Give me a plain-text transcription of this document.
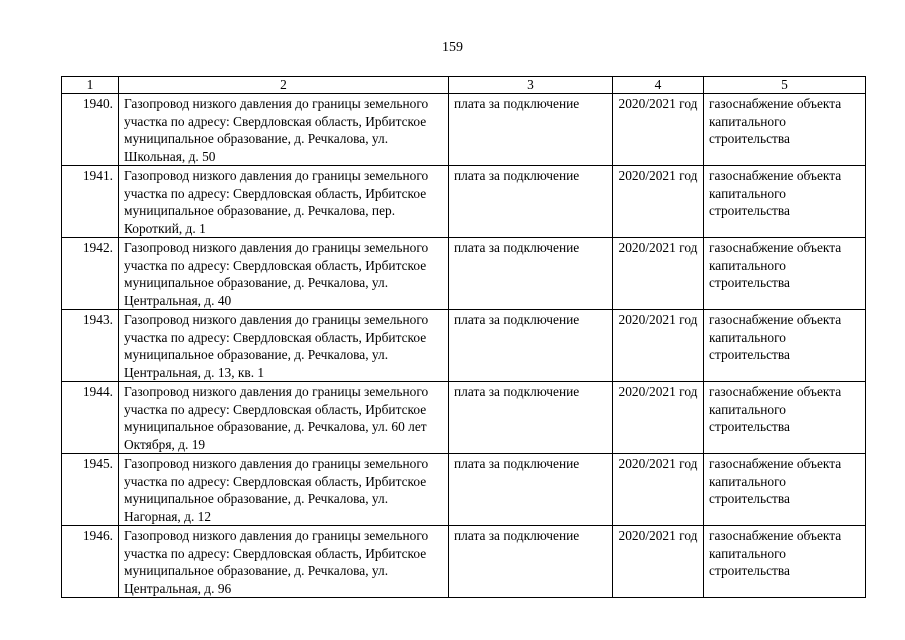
159
1	2	3	4	5
1940.	Газопровод низкого давления до границы земельного участка по адресу: Свердловская область, Ирбитское муниципальное образование, д. Речкалова, ул. Школьная, д. 50	плата за подключение	2020/2021 год	газоснабжение объекта капитального строительства
1941.	Газопровод низкого давления до границы земельного участка по адресу: Свердловская область, Ирбитское муниципальное образование, д. Речкалова, пер. Короткий, д. 1	плата за подключение	2020/2021 год	газоснабжение объекта капитального строительства
1942.	Газопровод низкого давления до границы земельного участка по адресу: Свердловская область, Ирбитское муниципальное образование, д. Речкалова, ул. Центральная, д. 40	плата за подключение	2020/2021 год	газоснабжение объекта капитального строительства
1943.	Газопровод низкого давления до границы земельного участка по адресу: Свердловская область, Ирбитское муниципальное образование, д. Речкалова, ул. Центральная, д. 13, кв. 1	плата за подключение	2020/2021 год	газоснабжение объекта капитального строительства
1944.	Газопровод низкого давления до границы земельного участка по адресу: Свердловская область, Ирбитское муниципальное образование, д. Речкалова, ул. 60 лет Октября, д. 19	плата за подключение	2020/2021 год	газоснабжение объекта капитального строительства
1945.	Газопровод низкого давления до границы земельного участка по адресу: Свердловская область, Ирбитское муниципальное образование, д. Речкалова, ул. Нагорная, д. 12	плата за подключение	2020/2021 год	газоснабжение объекта капитального строительства
1946.	Газопровод низкого давления до границы земельного участка по адресу: Свердловская область, Ирбитское муниципальное образование, д. Речкалова, ул. Центральная, д. 96	плата за подключение	2020/2021 год	газоснабжение объекта капитального строительства
